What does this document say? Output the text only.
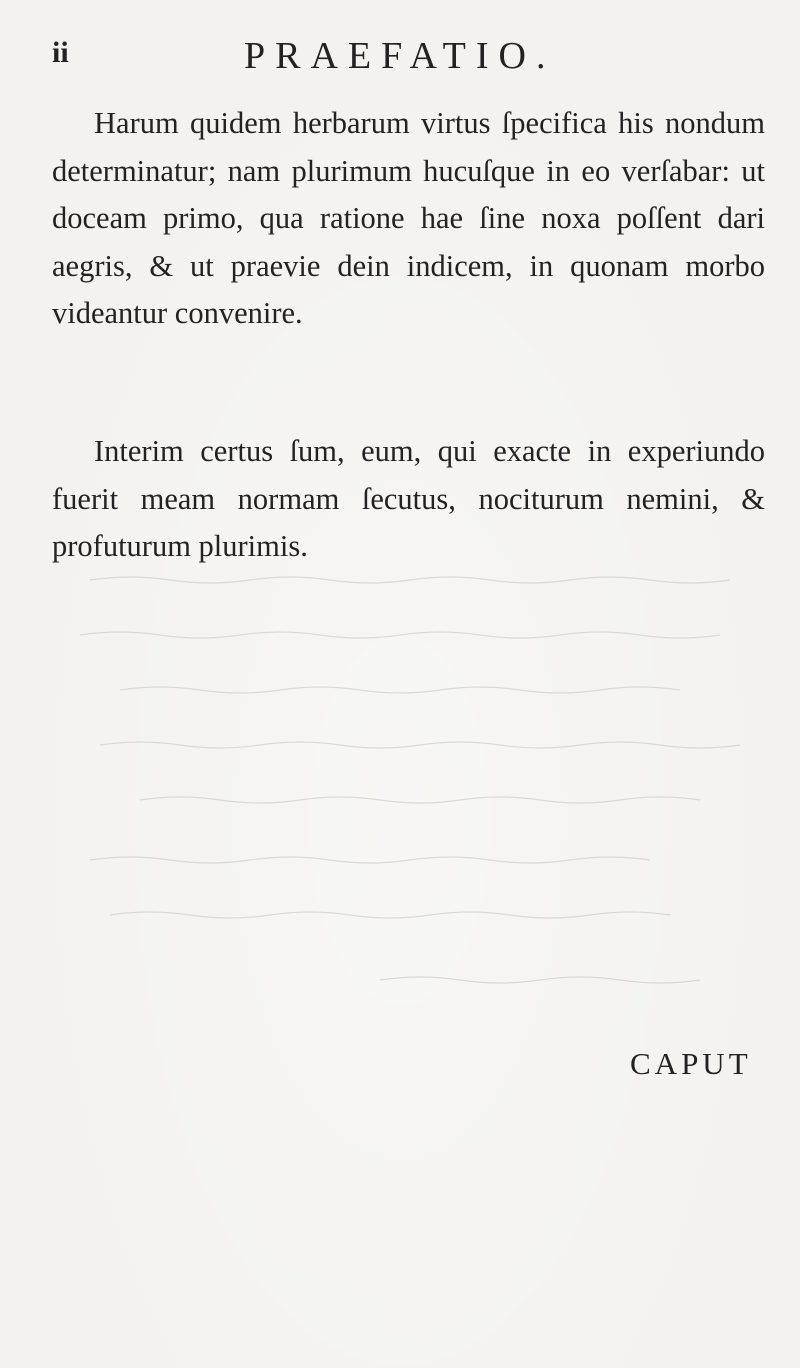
ii	PRAEFATIO.

Harum quidem herbarum virtus ſpecifica his nondum determinatur; nam plurimum hucuſque in eo verſabar: ut doceam primo, qua ratione hae ſine noxa poſſent dari aegris, & ut praevie dein indicem, in quonam morbo videantur convenire.

Interim certus ſum, eum, qui exacte in experiundo fuerit meam normam ſecutus, nociturum nemini, & profuturum plurimis.

CAPUT
